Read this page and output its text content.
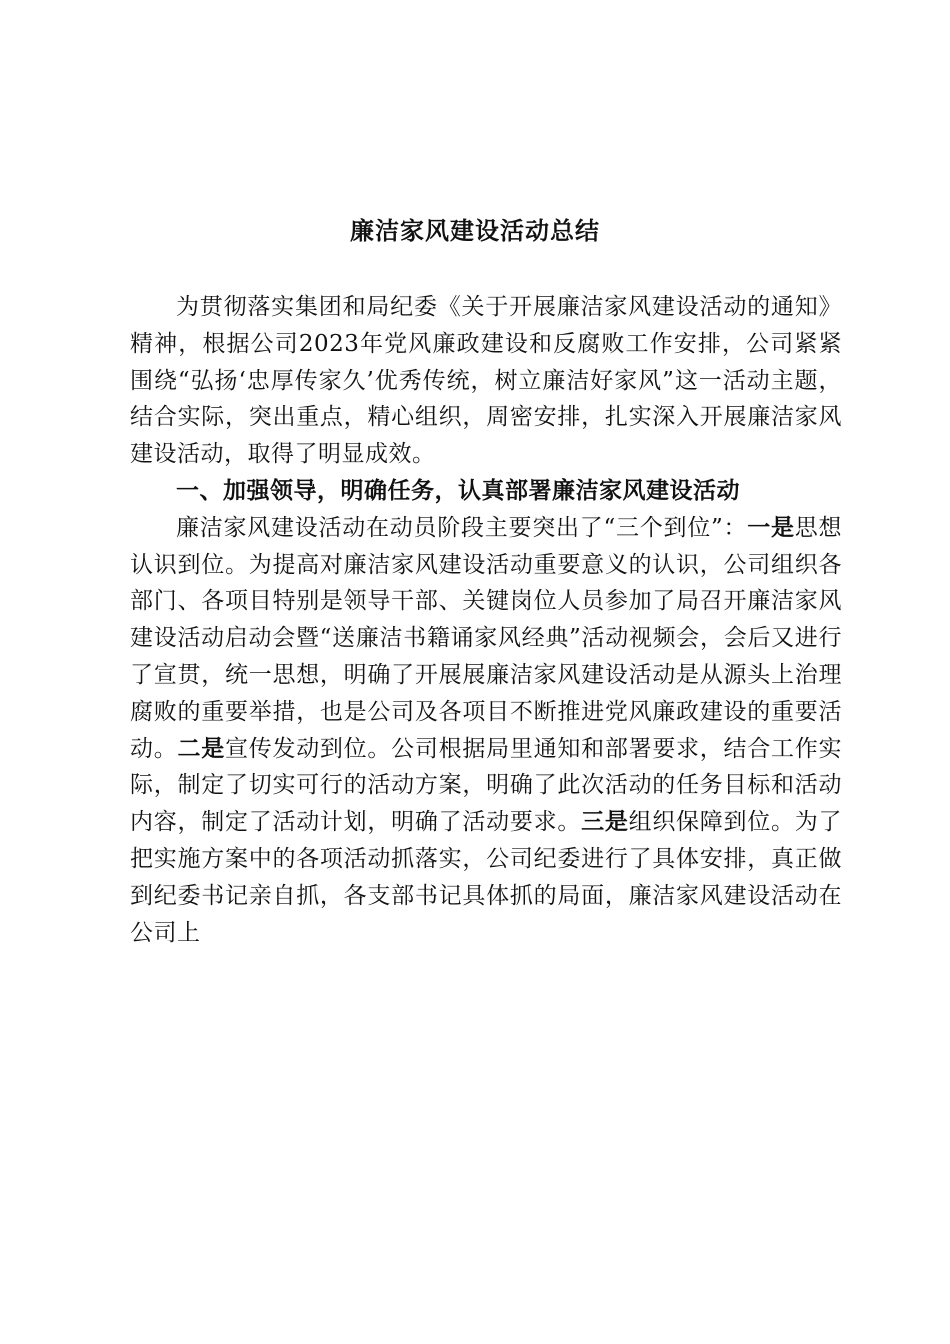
廉洁家风建设活动总结

为贯彻落实集团和局纪委《关于开展廉洁家风建设活动的通知》精神，根据公司2023年党风廉政建设和反腐败工作安排，公司紧紧围绕“弘扬‘忠厚传家久’优秀传统，树立廉洁好家风”这一活动主题，结合实际，突出重点，精心组织，周密安排，扎实深入开展廉洁家风建设活动，取得了明显成效。

一、加强领导，明确任务，认真部署廉洁家风建设活动

廉洁家风建设活动在动员阶段主要突出了“三个到位”：一是思想认识到位。为提高对廉洁家风建设活动重要意义的认识，公司组织各部门、各项目特别是领导干部、关键岗位人员参加了局召开廉洁家风建设活动启动会暨“送廉洁书籍诵家风经典”活动视频会，会后又进行了宣贯，统一思想，明确了开展展廉洁家风建设活动是从源头上治理腐败的重要举措，也是公司及各项目不断推进党风廉政建设的重要活动。二是宣传发动到位。公司根据局里通知和部署要求，结合工作实际，制定了切实可行的活动方案，明确了此次活动的任务目标和活动内容，制定了活动计划，明确了活动要求。三是组织保障到位。为了把实施方案中的各项活动抓落实，公司纪委进行了具体安排，真正做到纪委书记亲自抓，各支部书记具体抓的局面，廉洁家风建设活动在公司上
